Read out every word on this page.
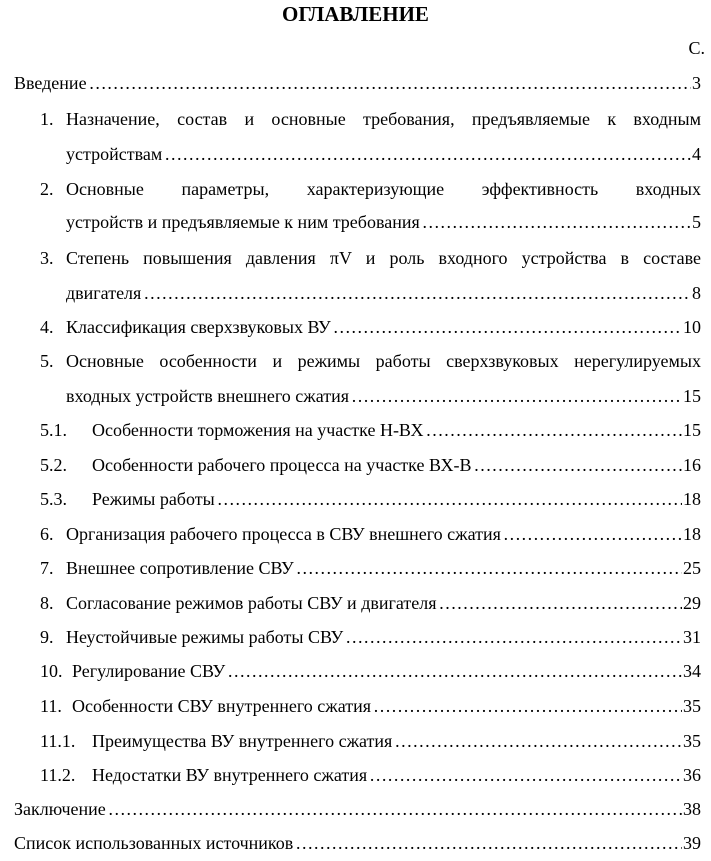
ОГЛАВЛЕНИЕ
С.
Введение ……………………………………………………………………………………………………………………………………………………	3
1. Назначение, состав и основные требования, предъявляемые к входным
устройствам ……………………………………………………………………………………………………………………………………………………	4
2. Основные параметры, характеризующие эффективность входных
устройств и предъявляемые к ним требования ……………………………………………………………………………………………………………………………………………………	5
3. Степень повышения давления πV и роль входного устройства в составе
двигателя ……………………………………………………………………………………………………………………………………………………	8
4. Классификация сверхзвуковых ВУ ……………………………………………………………………………………………………………………………………………………	10
5. Основные особенности и режимы работы сверхзвуковых нерегулируемых
входных устройств внешнего сжатия ……………………………………………………………………………………………………………………………………………………	15
5.1. Особенности торможения на участке Н-ВХ ……………………………………………………………………………………………………………………………………………………	15
5.2. Особенности рабочего процесса на участке ВХ-В ……………………………………………………………………………………………………………………………………………………	16
5.3. Режимы работы ……………………………………………………………………………………………………………………………………………………	18
6. Организация рабочего процесса в СВУ внешнего сжатия ……………………………………………………………………………………………………………………………………………………	18
7. Внешнее сопротивление СВУ ……………………………………………………………………………………………………………………………………………………	25
8. Согласование режимов работы СВУ и двигателя ……………………………………………………………………………………………………………………………………………………	29
9. Неустойчивые режимы работы СВУ ……………………………………………………………………………………………………………………………………………………	31
10. Регулирование СВУ ……………………………………………………………………………………………………………………………………………………	34
11. Особенности СВУ внутреннего сжатия ……………………………………………………………………………………………………………………………………………………	35
11.1. Преимущества ВУ внутреннего сжатия ……………………………………………………………………………………………………………………………………………………	35
11.2. Недостатки ВУ внутреннего сжатия ……………………………………………………………………………………………………………………………………………………	36
Заключение ……………………………………………………………………………………………………………………………………………………	38
Список использованных источников ……………………………………………………………………………………………………………………………………………………	39
